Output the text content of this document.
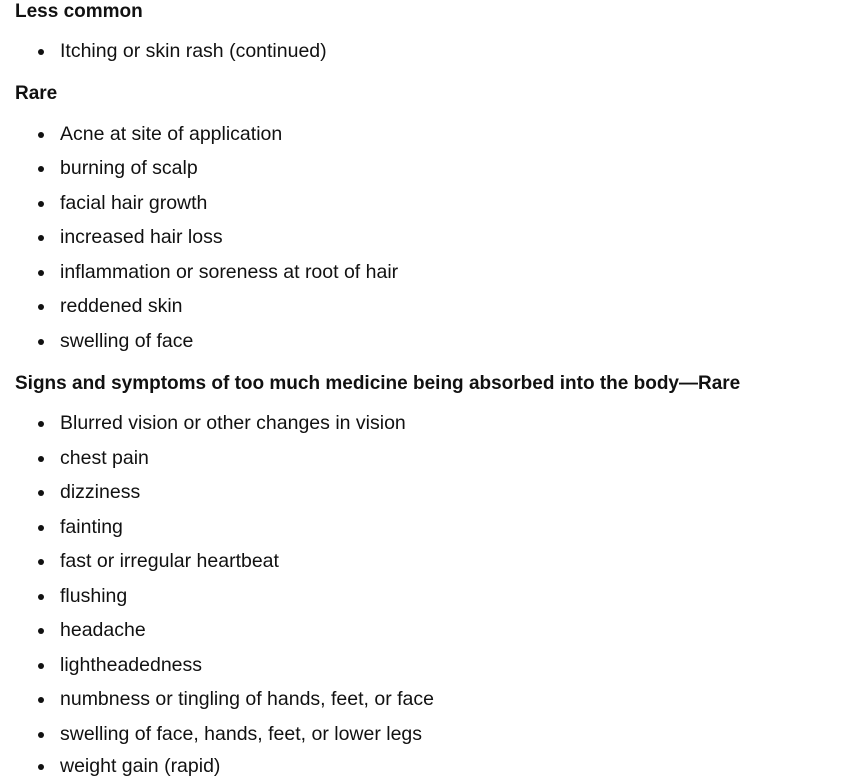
Less common
Itching or skin rash (continued)
Rare
Acne at site of application
burning of scalp
facial hair growth
increased hair loss
inflammation or soreness at root of hair
reddened skin
swelling of face
Signs and symptoms of too much medicine being absorbed into the body—Rare
Blurred vision or other changes in vision
chest pain
dizziness
fainting
fast or irregular heartbeat
flushing
headache
lightheadedness
numbness or tingling of hands, feet, or face
swelling of face, hands, feet, or lower legs
weight gain (rapid)
